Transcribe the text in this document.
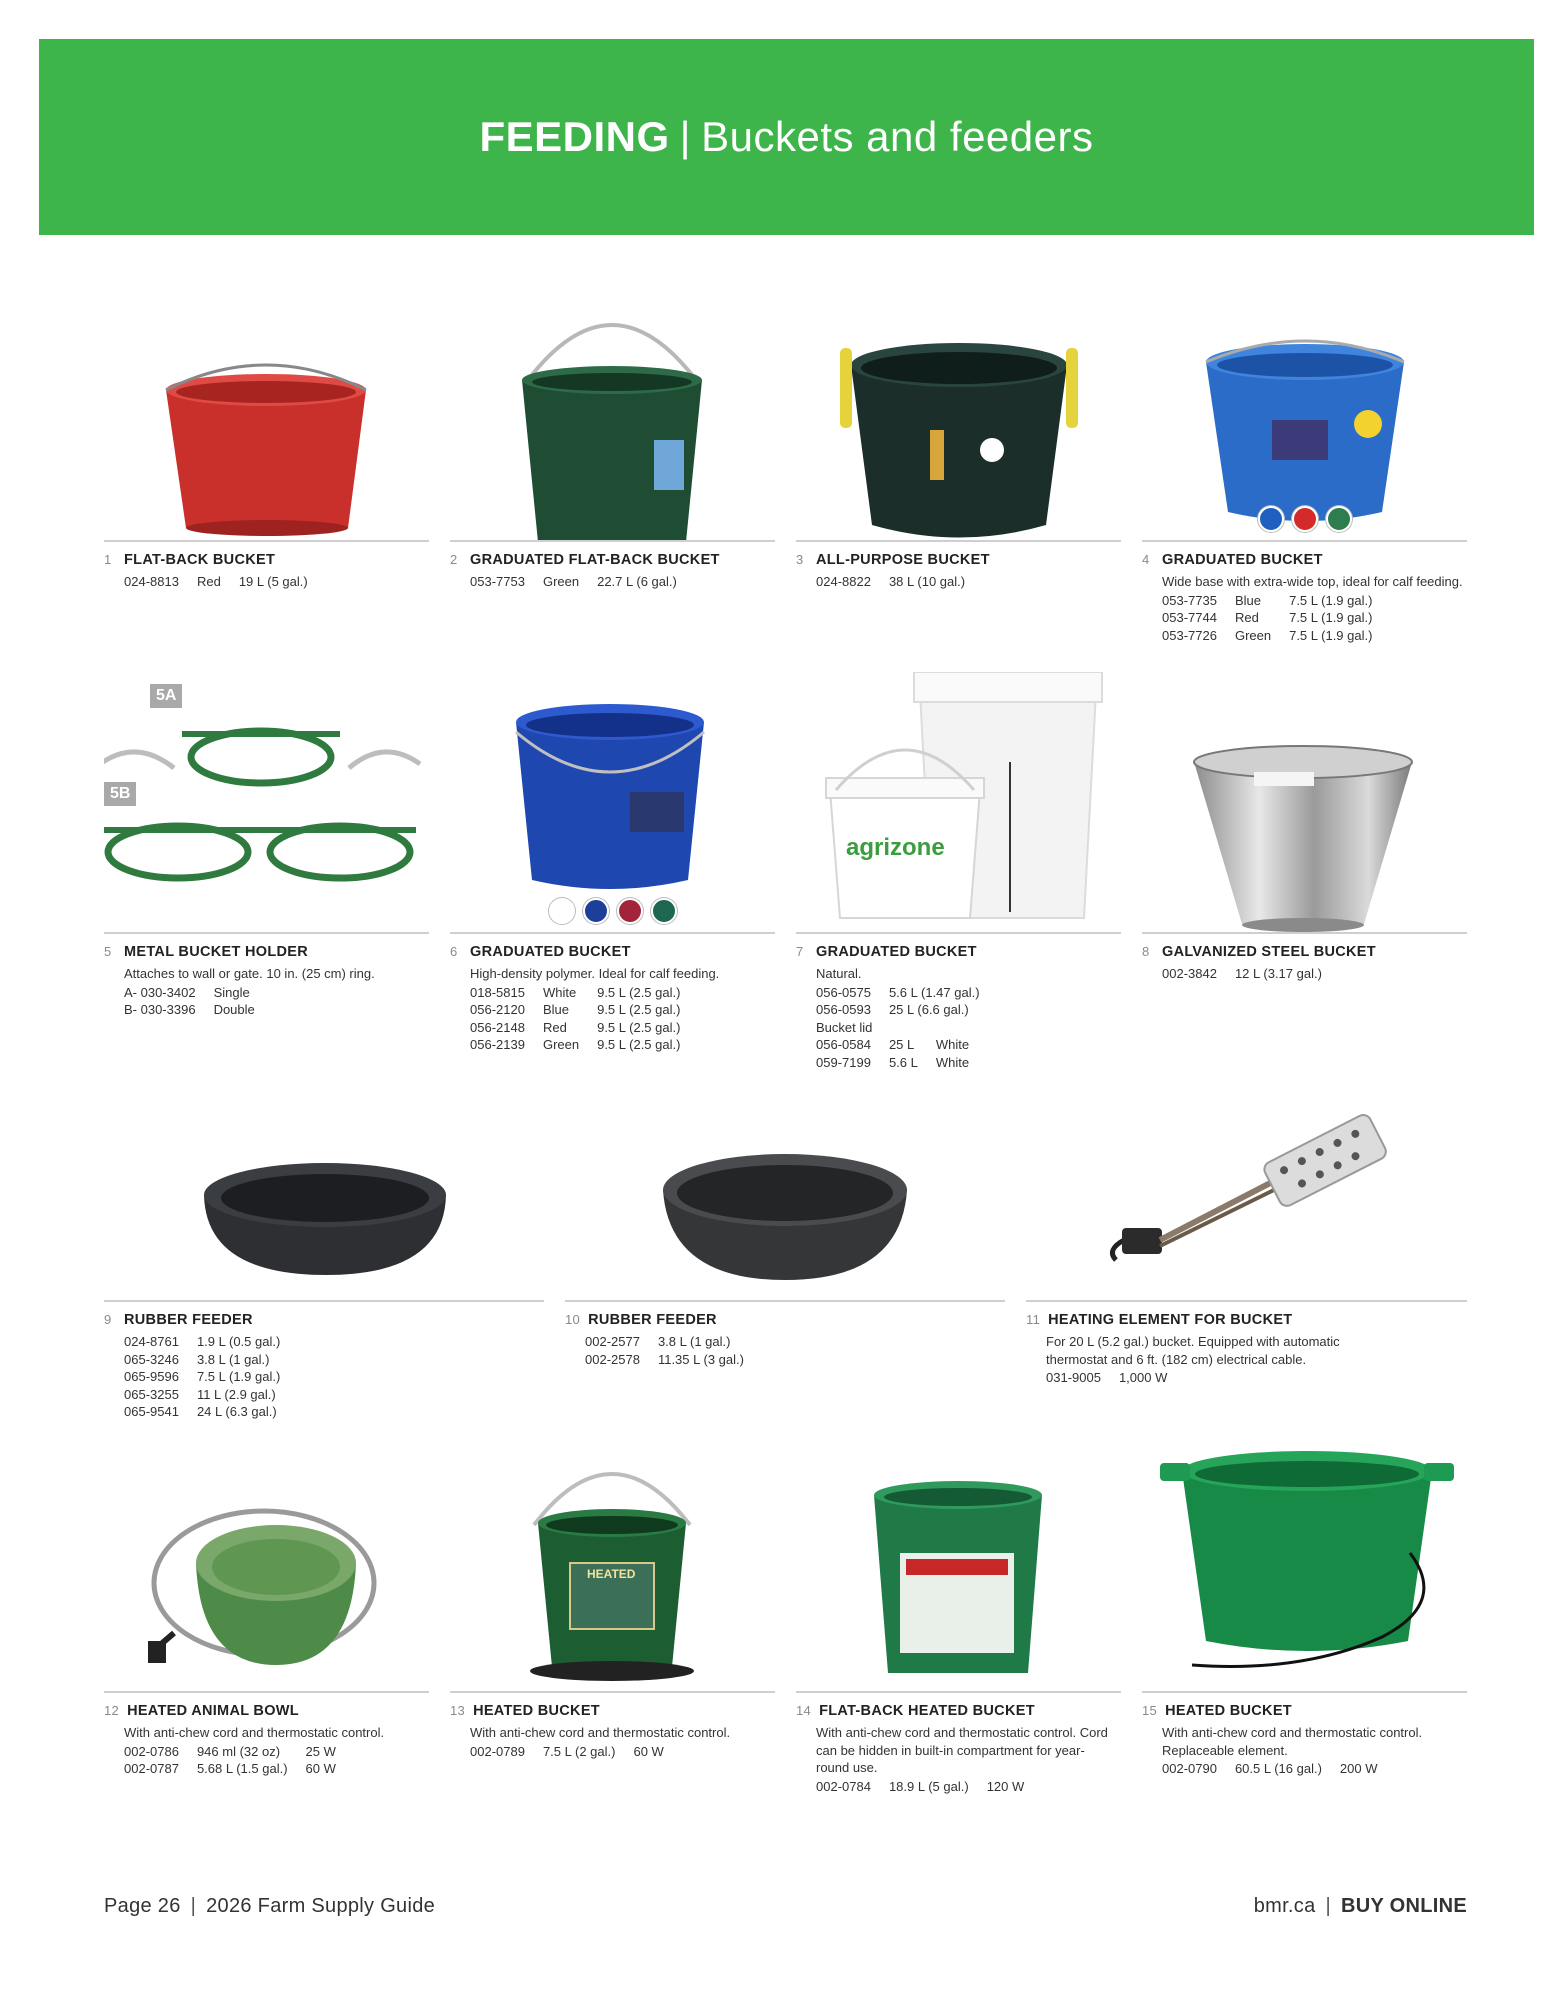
FEEDING | Buckets and feeders
1 FLAT-BACK BUCKET
024-8813	Red	19 L (5 gal.)
2 GRADUATED FLAT-BACK BUCKET
053-7753	Green	22.7 L (6 gal.)
3 ALL-PURPOSE BUCKET
024-8822	38 L (10 gal.)
4 GRADUATED BUCKET
Wide base with extra-wide top, ideal for calf feeding.
053-7735	Blue	7.5 L (1.9 gal.)
053-7744	Red	7.5 L (1.9 gal.)
053-7726	Green	7.5 L (1.9 gal.)
5A
5B
5 METAL BUCKET HOLDER
Attaches to wall or gate. 10 in. (25 cm) ring.
A- 030-3402	Single
B- 030-3396	Double
6 GRADUATED BUCKET
High-density polymer. Ideal for calf feeding.
018-5815	White	9.5 L (2.5 gal.)
056-2120	Blue	9.5 L (2.5 gal.)
056-2148	Red	9.5 L (2.5 gal.)
056-2139	Green	9.5 L (2.5 gal.)
agrizone
7 GRADUATED BUCKET
Natural.
056-0575	5.6 L (1.47 gal.)
056-0593	25 L (6.6 gal.)
Bucket lid
056-0584	25 L	White
059-7199	5.6 L	White
8 GALVANIZED STEEL BUCKET
002-3842	12 L (3.17 gal.)
9 RUBBER FEEDER
024-8761	1.9 L (0.5 gal.)
065-3246	3.8 L (1 gal.)
065-9596	7.5 L (1.9 gal.)
065-3255	11 L (2.9 gal.)
065-9541	24 L (6.3 gal.)
10 RUBBER FEEDER
002-2577	3.8 L (1 gal.)
002-2578	11.35 L (3 gal.)
11 HEATING ELEMENT FOR BUCKET
For 20 L (5.2 gal.) bucket. Equipped with automatic thermostat and 6 ft. (182 cm) electrical cable.
031-9005	1,000 W
12 HEATED ANIMAL BOWL
With anti-chew cord and thermostatic control.
002-0786	946 ml (32 oz)	25 W
002-0787	5.68 L (1.5 gal.)	60 W
HEATED
13 HEATED BUCKET
With anti-chew cord and thermostatic control.
002-0789	7.5 L (2 gal.)	60 W
14 FLAT-BACK HEATED BUCKET
With anti-chew cord and thermostatic control. Cord can be hidden in built-in compartment for year-round use.
002-0784	18.9 L (5 gal.)	120 W
15 HEATED BUCKET
With anti-chew cord and thermostatic control. Replaceable element.
002-0790	60.5 L (16 gal.)	200 W
Page 26 | 2026 Farm Supply Guide	bmr.ca | BUY ONLINE
